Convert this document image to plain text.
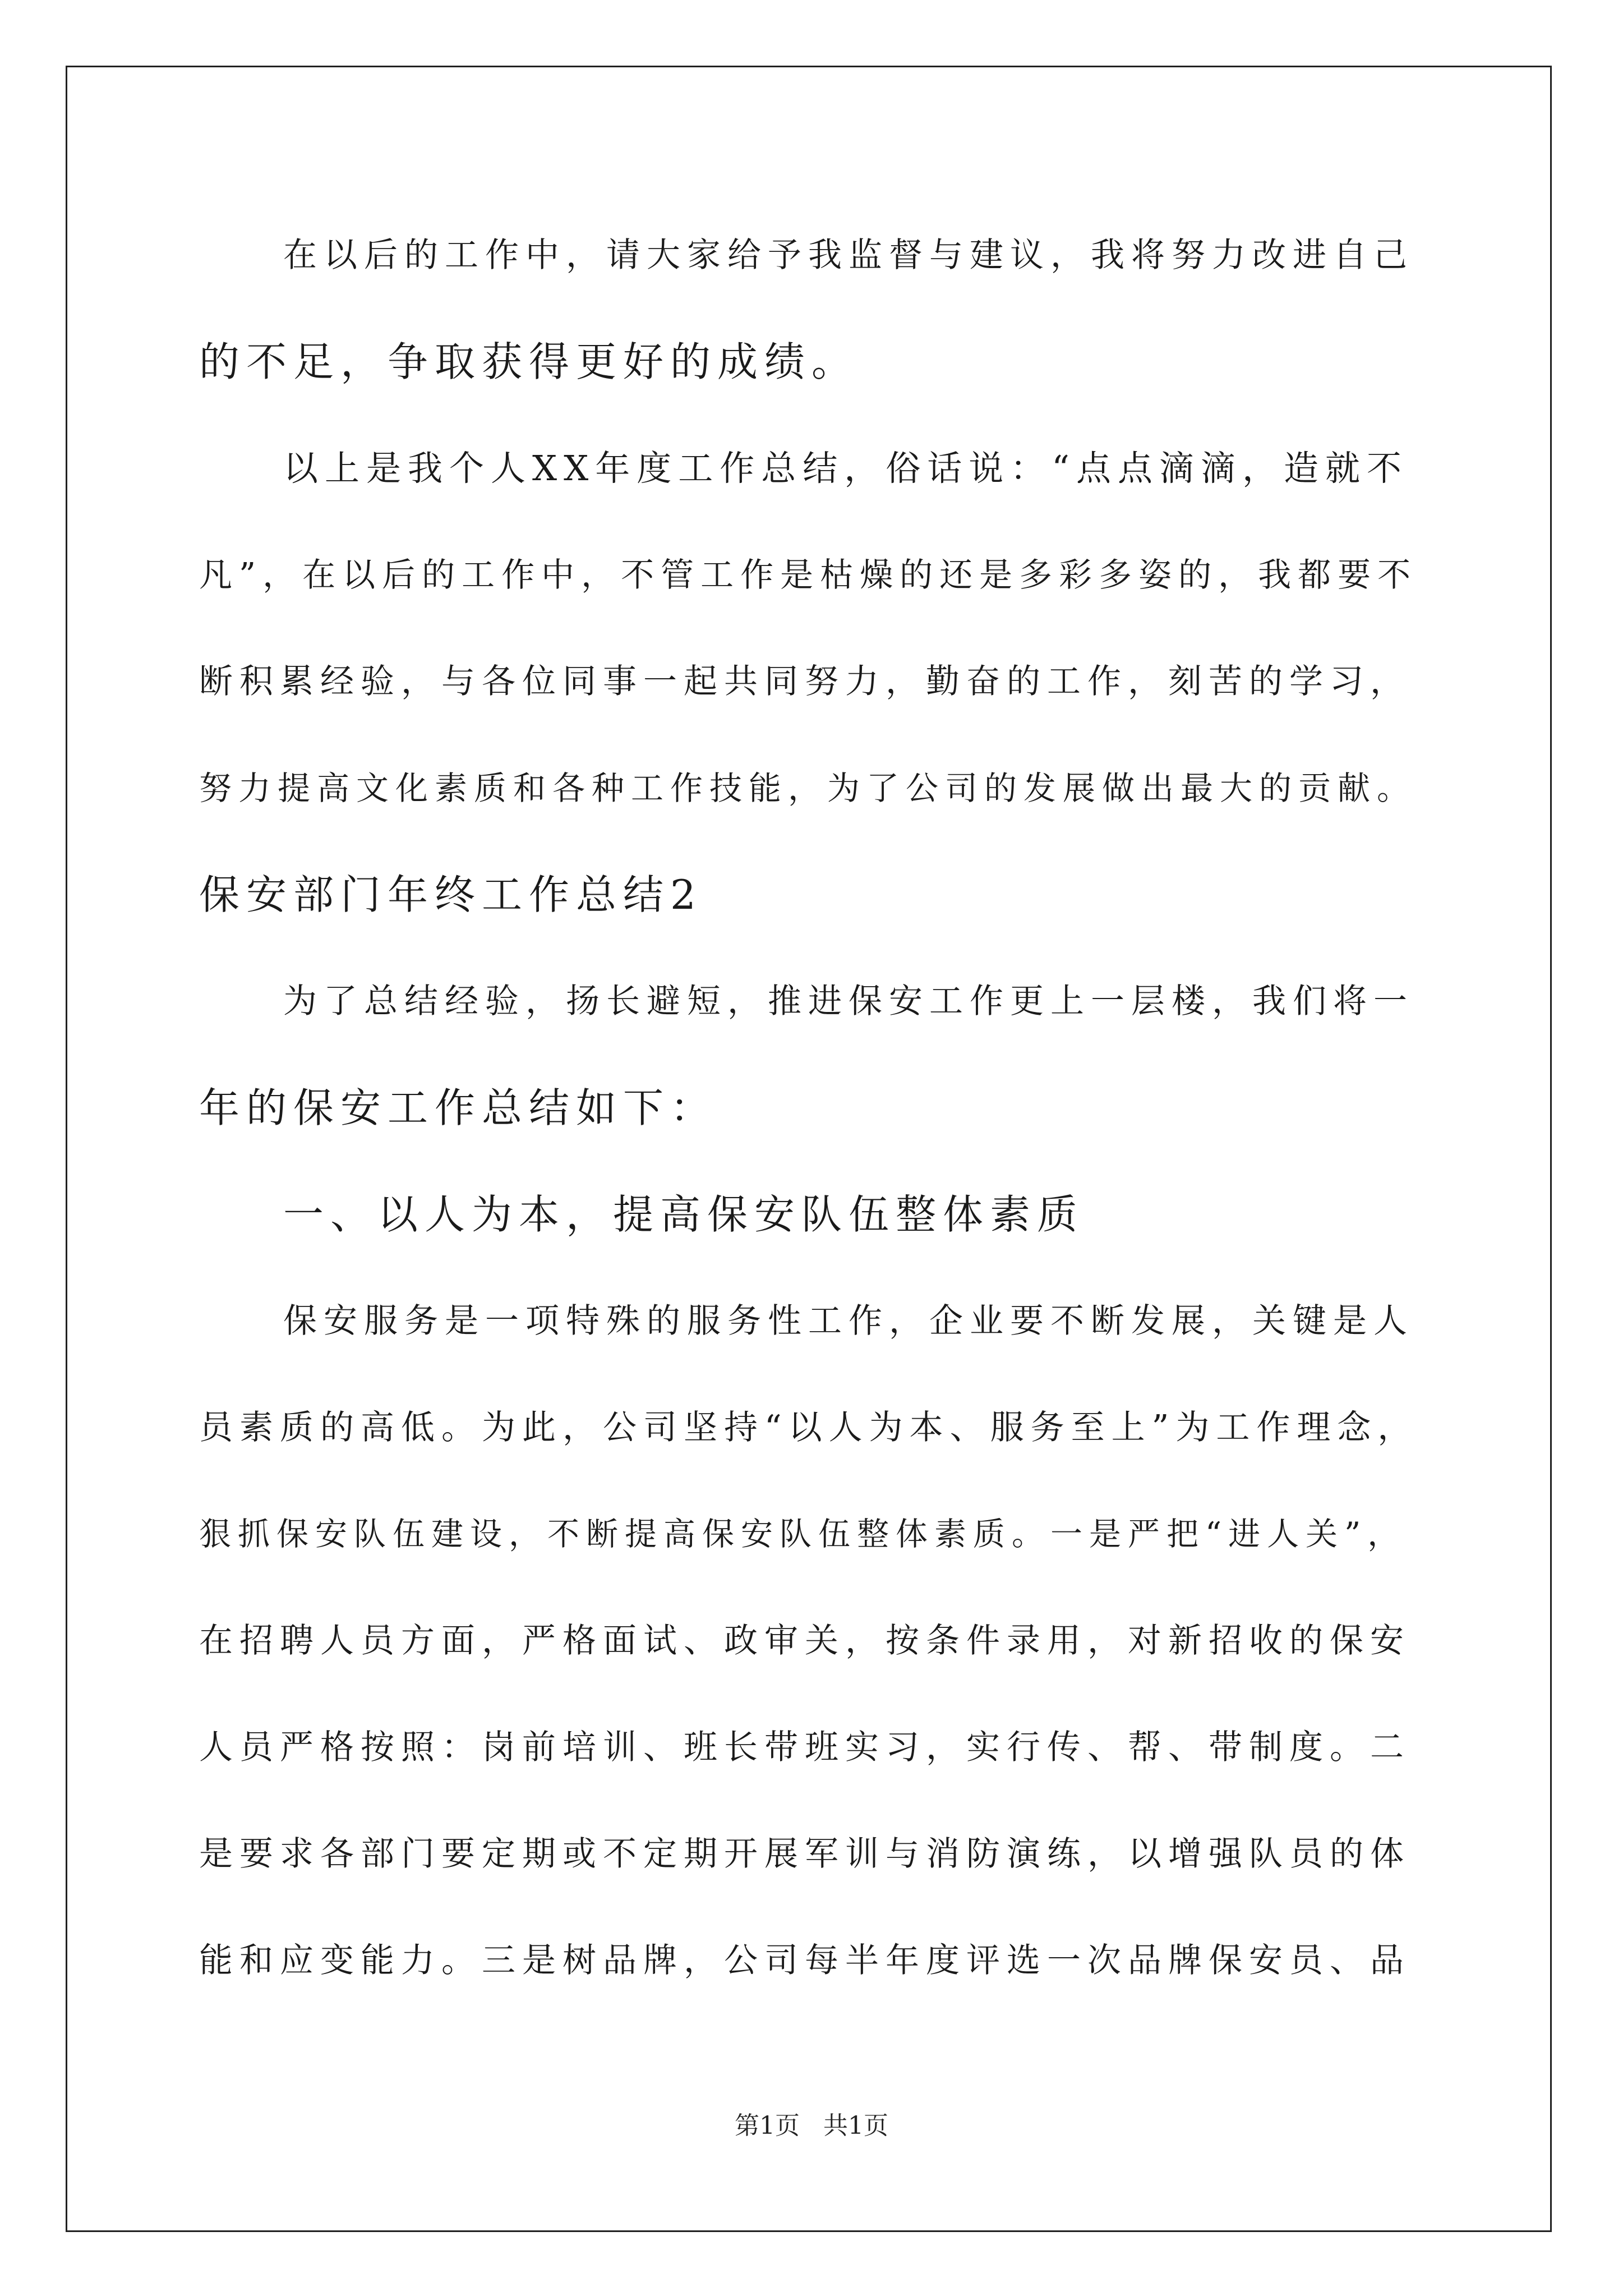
在以后的工作中，请大家给予我监督与建议，我将努力改进自己
的不足，争取获得更好的成绩。
以上是我个人XX年度工作总结，俗话说：“点点滴滴，造就不
凡”，在以后的工作中，不管工作是枯燥的还是多彩多姿的，我都要不
断积累经验，与各位同事一起共同努力，勤奋的工作，刻苦的学习，
努力提高文化素质和各种工作技能，为了公司的发展做出最大的贡献。
保安部门年终工作总结2
为了总结经验，扬长避短，推进保安工作更上一层楼，我们将一
年的保安工作总结如下：
一、以人为本，提高保安队伍整体素质
保安服务是一项特殊的服务性工作，企业要不断发展，关键是人
员素质的高低。为此，公司坚持“以人为本、服务至上”为工作理念，
狠抓保安队伍建设，不断提高保安队伍整体素质。一是严把“进人关”，
在招聘人员方面，严格面试、政审关，按条件录用，对新招收的保安
人员严格按照：岗前培训、班长带班实习，实行传、帮、带制度。二
是要求各部门要定期或不定期开展军训与消防演练，以增强队员的体
能和应变能力。三是树品牌，公司每半年度评选一次品牌保安员、品
第1页 共1页
